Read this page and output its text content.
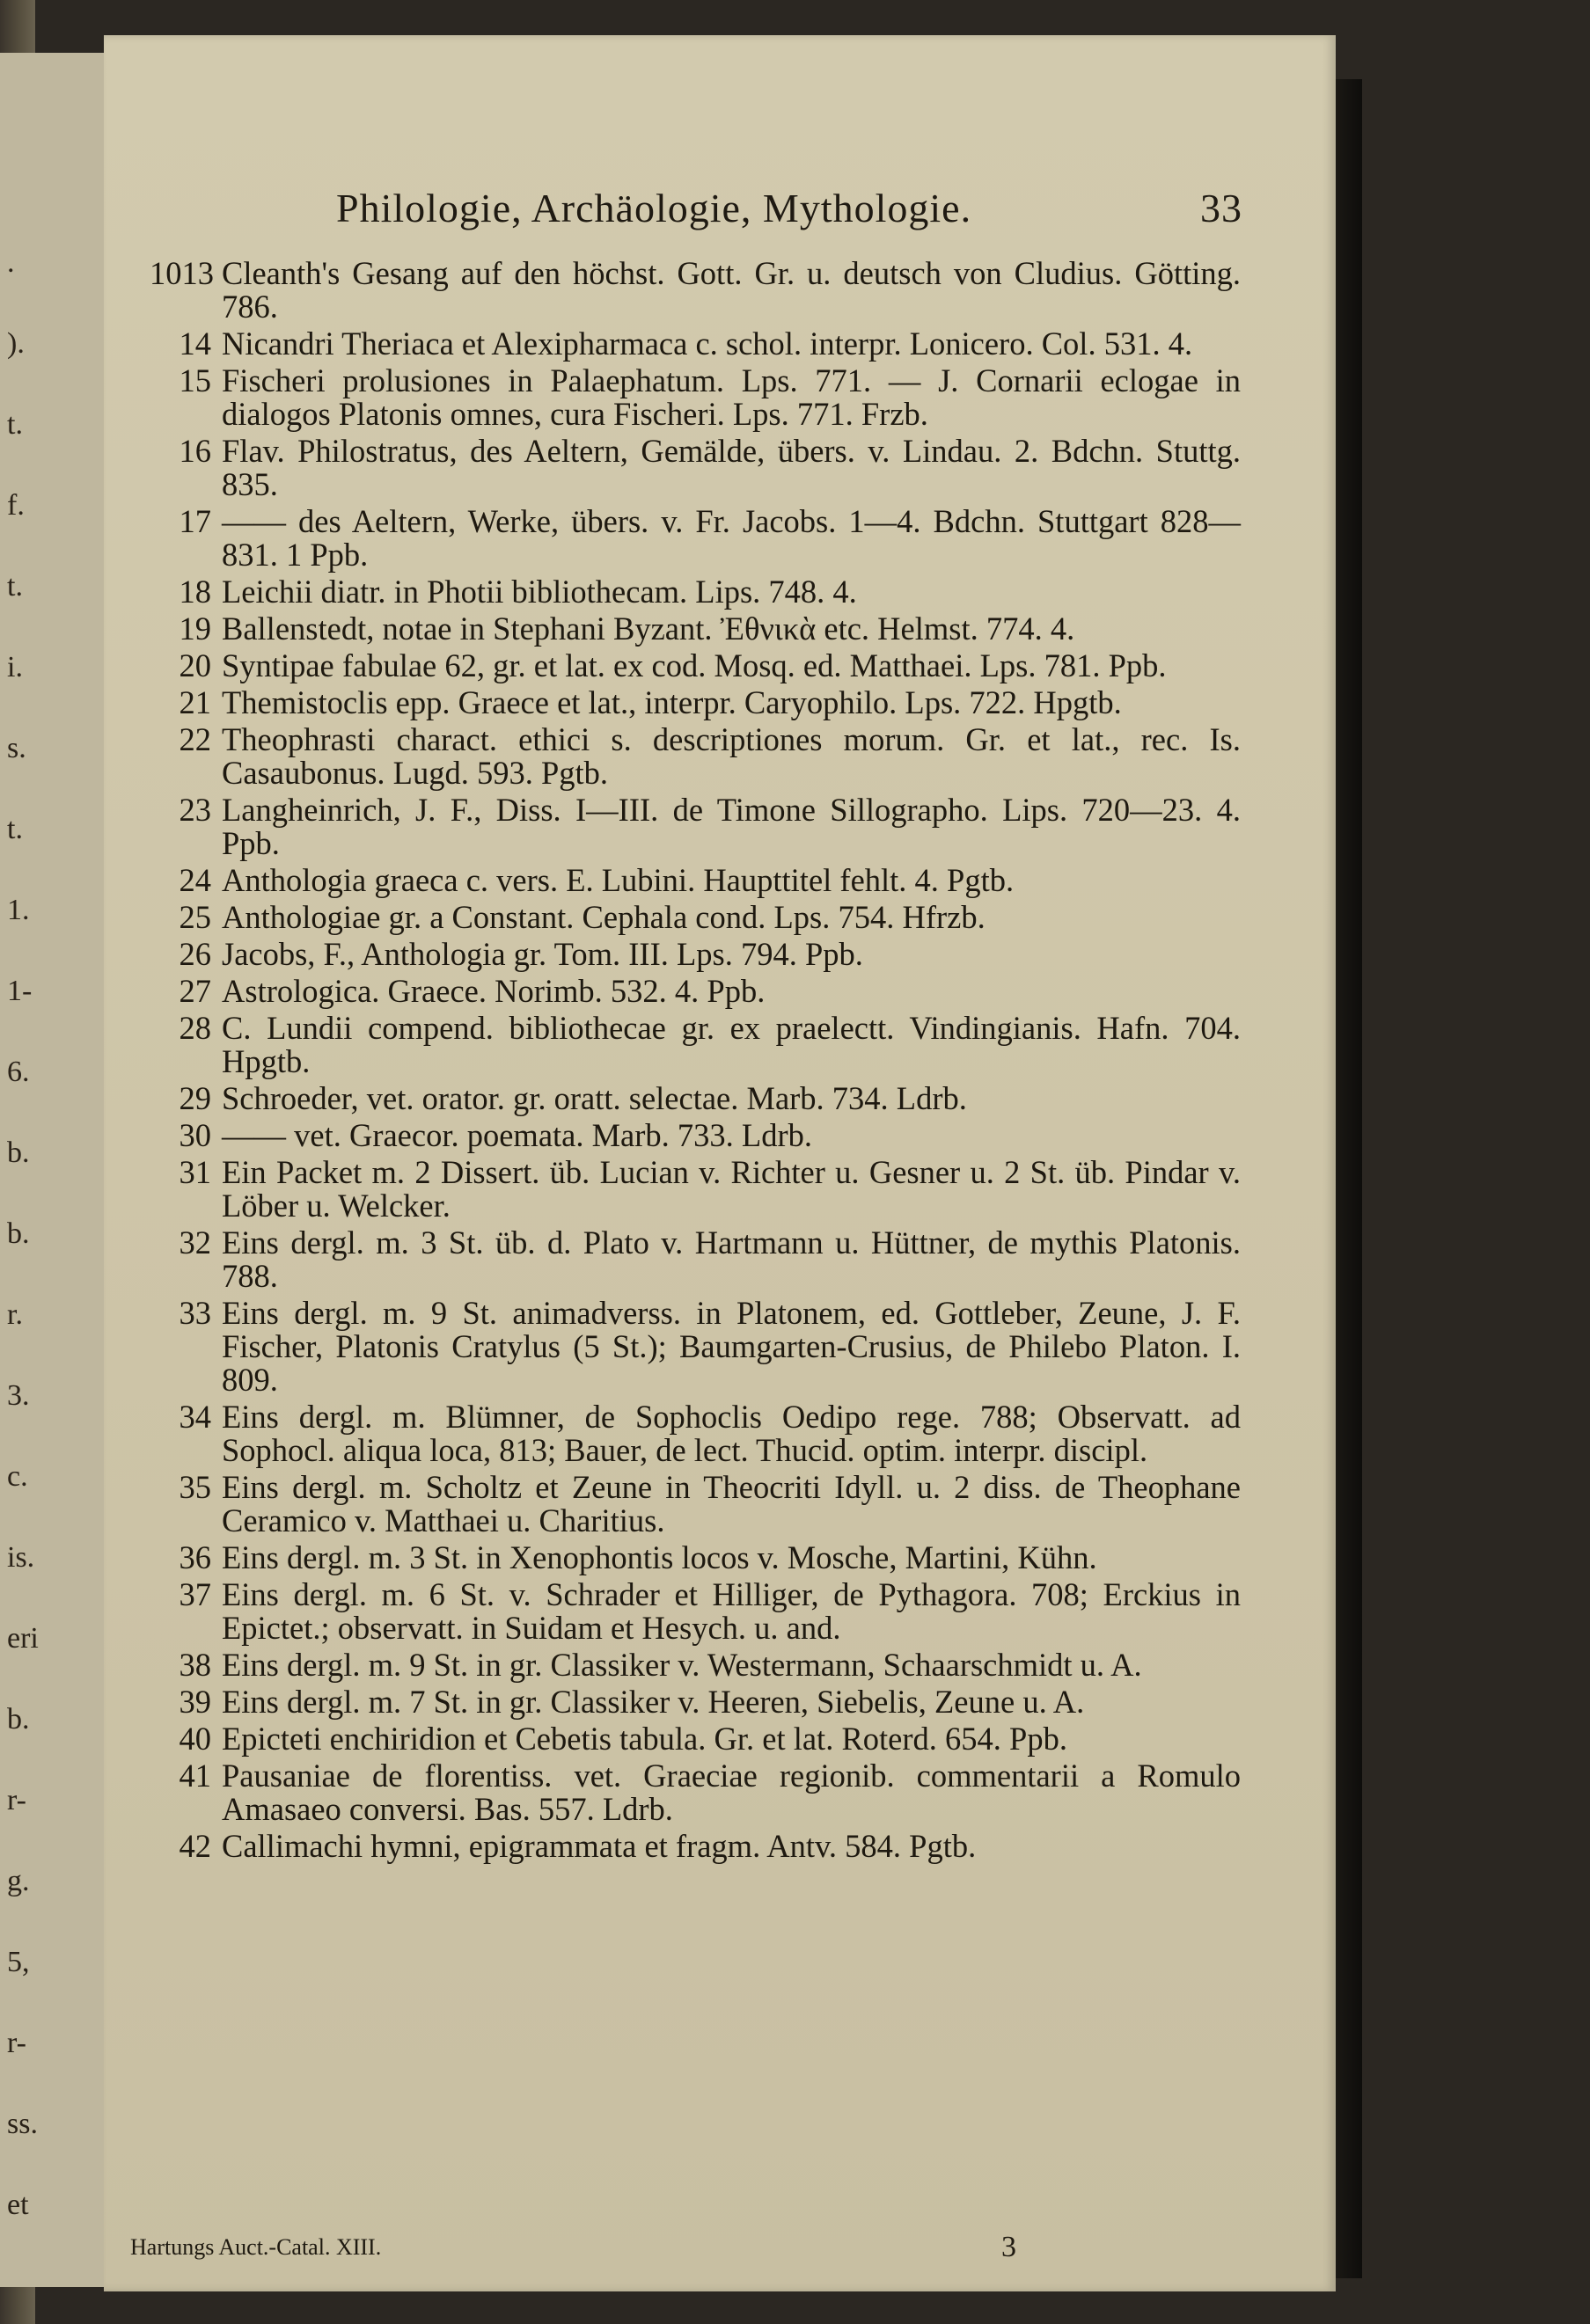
.
).
t.
f.
t.
i.
s.
t.
1.
1-
6.
b.
b.
r.
3.
c.
is.
eri
b.
r-
g.
5,
r-
ss.
et
Philologie, Archäologie, Mythologie.	33
1013 Cleanth's Gesang auf den höchst. Gott. Gr. u. deutsch von Cludius. Götting. 786.
14 Nicandri Theriaca et Alexipharmaca c. schol. interpr. Lonicero. Col. 531. 4.
15 Fischeri prolusiones in Palaephatum. Lps. 771. — J. Cornarii eclogae in dialogos Platonis omnes, cura Fischeri. Lps. 771. Frzb.
16 Flav. Philostratus, des Aeltern, Gemälde, übers. v. Lindau. 2. Bdchn. Stuttg. 835.
17 —— des Aeltern, Werke, übers. v. Fr. Jacobs. 1—4. Bdchn. Stuttgart 828—831. 1 Ppb.
18 Leichii diatr. in Photii bibliothecam. Lips. 748. 4.
19 Ballenstedt, notae in Stephani Byzant. Ἐθνικὰ etc. Helmst. 774. 4.
20 Syntipae fabulae 62, gr. et lat. ex cod. Mosq. ed. Matthaei. Lps. 781. Ppb.
21 Themistoclis epp. Graece et lat., interpr. Caryophilo. Lps. 722. Hpgtb.
22 Theophrasti charact. ethici s. descriptiones morum. Gr. et lat., rec. Is. Casaubonus. Lugd. 593. Pgtb.
23 Langheinrich, J. F., Diss. I—III. de Timone Sillographo. Lips. 720—23. 4. Ppb.
24 Anthologia graeca c. vers. E. Lubini. Haupttitel fehlt. 4. Pgtb.
25 Anthologiae gr. a Constant. Cephala cond. Lps. 754. Hfrzb.
26 Jacobs, F., Anthologia gr. Tom. III. Lps. 794. Ppb.
27 Astrologica. Graece. Norimb. 532. 4. Ppb.
28 C. Lundii compend. bibliothecae gr. ex praelectt. Vindingianis. Hafn. 704. Hpgtb.
29 Schroeder, vet. orator. gr. oratt. selectae. Marb. 734. Ldrb.
30 —— vet. Graecor. poemata. Marb. 733. Ldrb.
31 Ein Packet m. 2 Dissert. üb. Lucian v. Richter u. Gesner u. 2 St. üb. Pindar v. Löber u. Welcker.
32 Eins dergl. m. 3 St. üb. d. Plato v. Hartmann u. Hüttner, de mythis Platonis. 788.
33 Eins dergl. m. 9 St. animadverss. in Platonem, ed. Gottleber, Zeune, J. F. Fischer, Platonis Cratylus (5 St.); Baumgarten-Crusius, de Philebo Platon. I. 809.
34 Eins dergl. m. Blümner, de Sophoclis Oedipo rege. 788; Observatt. ad Sophocl. aliqua loca, 813; Bauer, de lect. Thucid. optim. interpr. discipl.
35 Eins dergl. m. Scholtz et Zeune in Theocriti Idyll. u. 2 diss. de Theophane Ceramico v. Matthaei u. Charitius.
36 Eins dergl. m. 3 St. in Xenophontis locos v. Mosche, Martini, Kühn.
37 Eins dergl. m. 6 St. v. Schrader et Hilliger, de Pythagora. 708; Erckius in Epictet.; observatt. in Suidam et Hesych. u. and.
38 Eins dergl. m. 9 St. in gr. Classiker v. Westermann, Schaarschmidt u. A.
39 Eins dergl. m. 7 St. in gr. Classiker v. Heeren, Siebelis, Zeune u. A.
40 Epicteti enchiridion et Cebetis tabula. Gr. et lat. Roterd. 654. Ppb.
41 Pausaniae de florentiss. vet. Graeciae regionib. commentarii a Romulo Amasaeo conversi. Bas. 557. Ldrb.
42 Callimachi hymni, epigrammata et fragm. Antv. 584. Pgtb.
Hartungs Auct.-Catal. XIII.	3
